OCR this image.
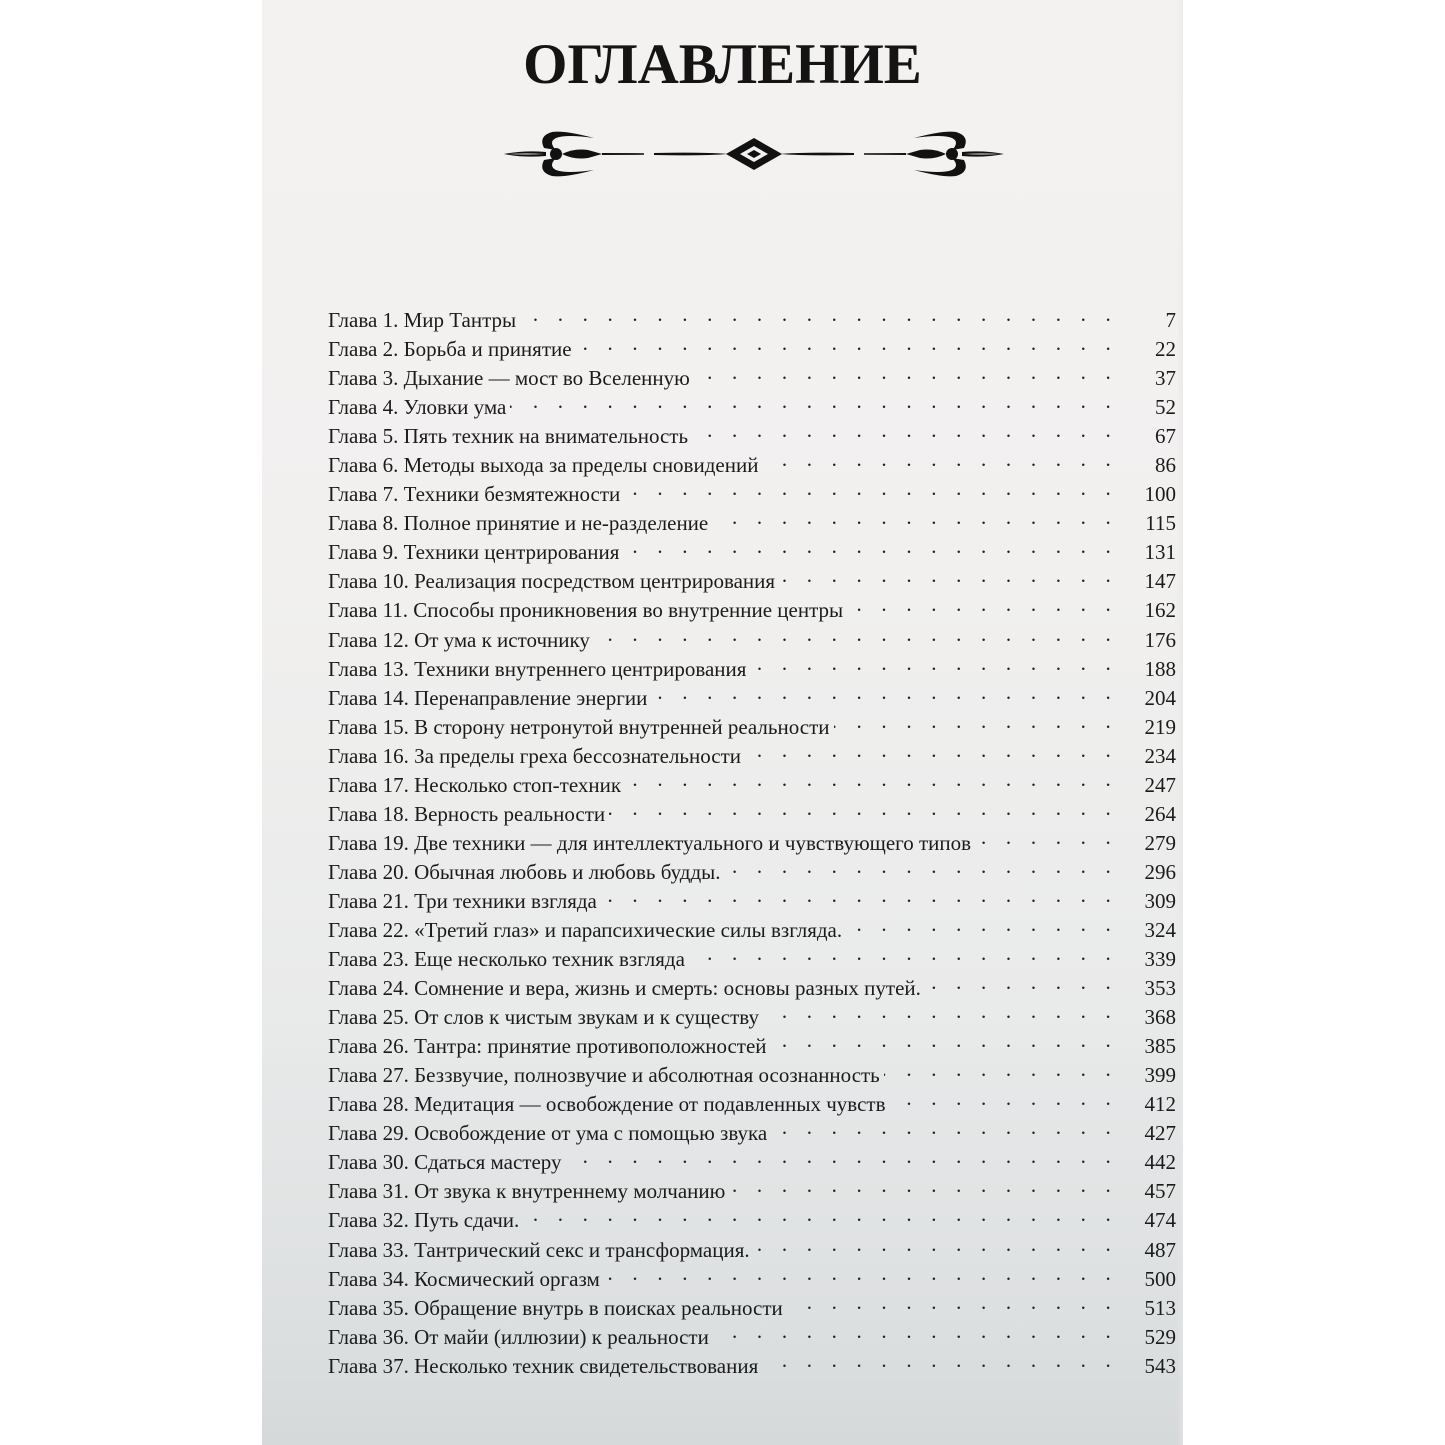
ОГЛАВЛЕНИЕ
Глава 1. Мир Тантры . . .	7
Глава 2. Борьба и принятие . . .	22
Глава 3. Дыхание — мост во Вселенную . . .	37
Глава 4. Уловки ума . . .	52
Глава 5. Пять техник на внимательность . . .	67
Глава 6. Методы выхода за пределы сновидений . . .	86
Глава 7. Техники безмятежности . . .	100
Глава 8. Полное принятие и не-разделение . . .	115
Глава 9. Техники центрирования . . .	131
Глава 10. Реализация посредством центрирования . . .	147
Глава 11. Способы проникновения во внутренние центры . . .	162
Глава 12. От ума к источнику . . .	176
Глава 13. Техники внутреннего центрирования . . .	188
Глава 14. Перенаправление энергии . . .	204
Глава 15. В сторону нетронутой внутренней реальности . . .	219
Глава 16. За пределы греха бессознательности . . .	234
Глава 17. Несколько стоп-техник . . .	247
Глава 18. Верность реальности . . .	264
Глава 19. Две техники — для интеллектуального и чувствующего типов . . .	279
Глава 20. Обычная любовь и любовь будды. . . .	296
Глава 21. Три техники взгляда . . .	309
Глава 22. «Третий глаз» и парапсихические силы взгляда. . . .	324
Глава 23. Еще несколько техник взгляда . . .	339
Глава 24. Сомнение и вера, жизнь и смерть: основы разных путей. . . .	353
Глава 25. От слов к чистым звукам и к существу . . .	368
Глава 26. Тантра: принятие противоположностей . . .	385
Глава 27. Беззвучие, полнозвучие и абсолютная осознанность . . .	399
Глава 28. Медитация — освобождение от подавленных чувств . . .	412
Глава 29. Освобождение от ума с помощью звука . . .	427
Глава 30. Сдаться мастеру . . .	442
Глава 31. От звука к внутреннему молчанию . . .	457
Глава 32. Путь сдачи. . . .	474
Глава 33. Тантрический секс и трансформация. . . .	487
Глава 34. Космический оргазм . . .	500
Глава 35. Обращение внутрь в поисках реальности . . .	513
Глава 36. От майи (иллюзии) к реальности . . .	529
Глава 37. Несколько техник свидетельствования . . .	543
